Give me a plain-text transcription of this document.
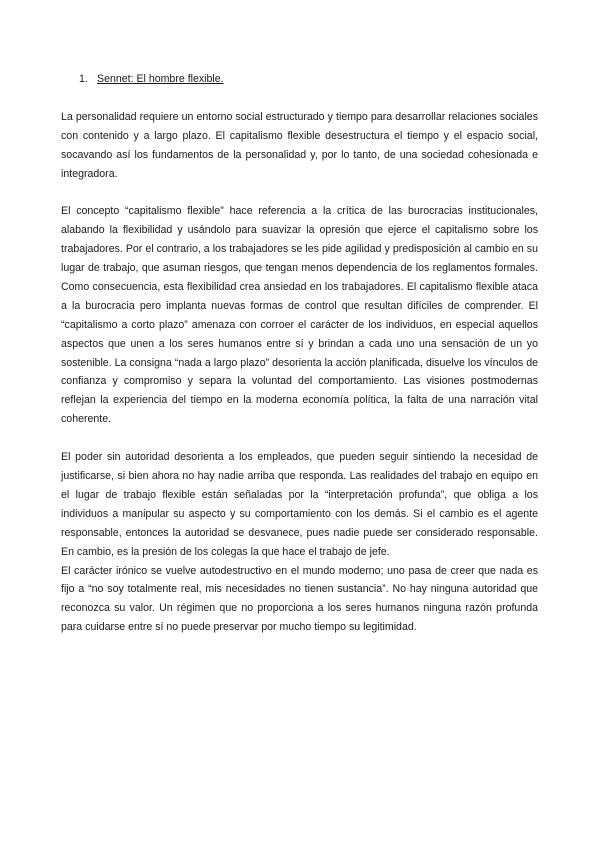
1. Sennet: El hombre flexible.

La personalidad requiere un entorno social estructurado y tiempo para desarrollar relaciones sociales con contenido y a largo plazo. El capitalismo flexible desestructura el tiempo y el espacio social, socavando así los fundamentos de la personalidad y, por lo tanto, de una sociedad cohesionada e integradora.

El concepto “capitalismo flexible” hace referencia a la crítica de las burocracias institucionales, alabando la flexibilidad y usándolo para suavizar la opresión que ejerce el capitalismo sobre los trabajadores. Por el contrario, a los trabajadores se les pide agilidad y predisposición al cambio en su lugar de trabajo, que asuman riesgos, que tengan menos dependencia de los reglamentos formales. Como consecuencia, esta flexibilidad crea ansiedad en los trabajadores. El capitalismo flexible ataca a la burocracia pero implanta nuevas formas de control que resultan difíciles de comprender. El “capitalismo a corto plazo” amenaza con corroer el carácter de los individuos, en especial aquellos aspectos que unen a los seres humanos entre sí y brindan a cada uno una sensación de un yo sostenible. La consigna “nada a largo plazo” desorienta la acción planificada, disuelve los vínculos de confianza y compromiso y separa la voluntad del comportamiento. Las visiones postmodernas reflejan la experiencia del tiempo en la moderna economía política, la falta de una narración vital coherente.

El poder sin autoridad desorienta a los empleados, que pueden seguir sintiendo la necesidad de justificarse, si bien ahora no hay nadie arriba que responda. Las realidades del trabajo en equipo en el lugar de trabajo flexible están señaladas por la “interpretación profunda”, que obliga a los individuos a manipular su aspecto y su comportamiento con los demás. Si el cambio es el agente responsable, entonces la autoridad se desvanece, pues nadie puede ser considerado responsable. En cambio, es la presión de los colegas la que hace el trabajo de jefe.

El carácter irónico se vuelve autodestructivo en el mundo moderno; uno pasa de creer que nada es fijo a “no soy totalmente real, mis necesidades no tienen sustancia”. No hay ninguna autoridad que reconozca su valor. Un régimen que no proporciona a los seres humanos ninguna razón profunda para cuidarse entre sí no puede preservar por mucho tiempo su legitimidad.
